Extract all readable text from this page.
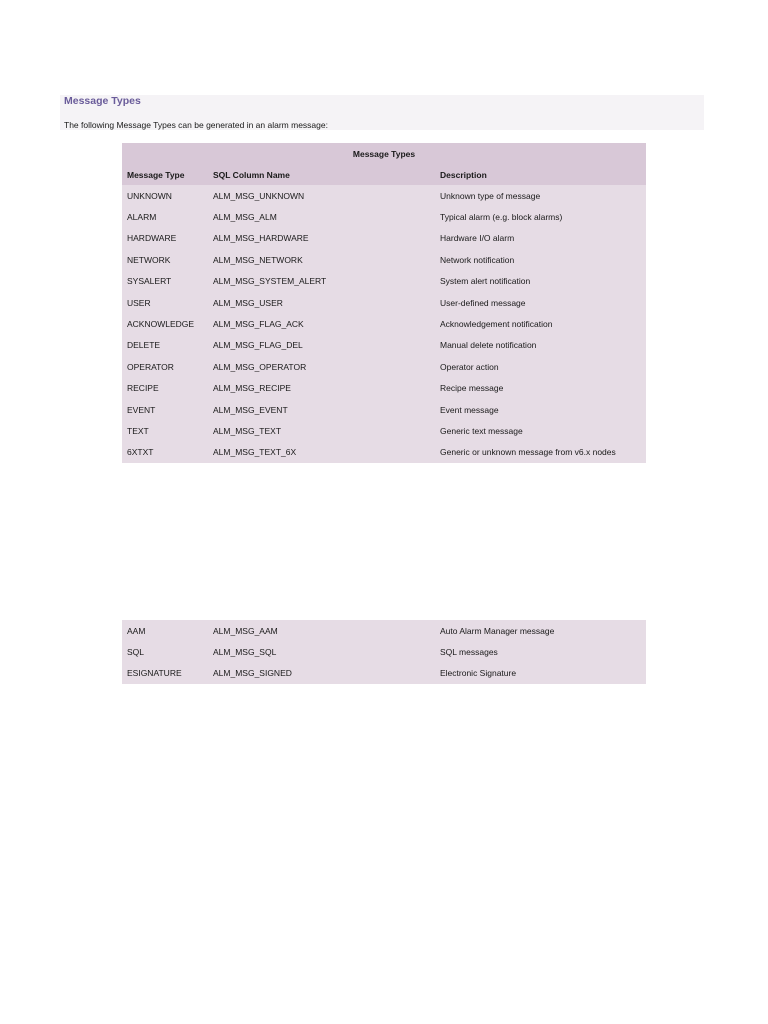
Message Types
The following Message Types can be generated in an alarm message:
Message Types		
Message Type	SQL Column Name	Description
UNKNOWN	ALM_MSG_UNKNOWN	Unknown type of message
ALARM	ALM_MSG_ALM	Typical alarm (e.g. block alarms)
HARDWARE	ALM_MSG_HARDWARE	Hardware I/O alarm
NETWORK	ALM_MSG_NETWORK	Network notification
SYSALERT	ALM_MSG_SYSTEM_ALERT	System alert notification
USER	ALM_MSG_USER	User-defined message
ACKNOWLEDGE	ALM_MSG_FLAG_ACK	Acknowledgement notification
DELETE	ALM_MSG_FLAG_DEL	Manual delete notification
OPERATOR	ALM_MSG_OPERATOR	Operator action
RECIPE	ALM_MSG_RECIPE	Recipe message
EVENT	ALM_MSG_EVENT	Event message
TEXT	ALM_MSG_TEXT	Generic text message
6XTXT	ALM_MSG_TEXT_6X	Generic or unknown message from v6.x nodes
AAM	ALM_MSG_AAM	Auto Alarm Manager message
SQL	ALM_MSG_SQL	SQL messages
ESIGNATURE	ALM_MSG_SIGNED	Electronic Signature
